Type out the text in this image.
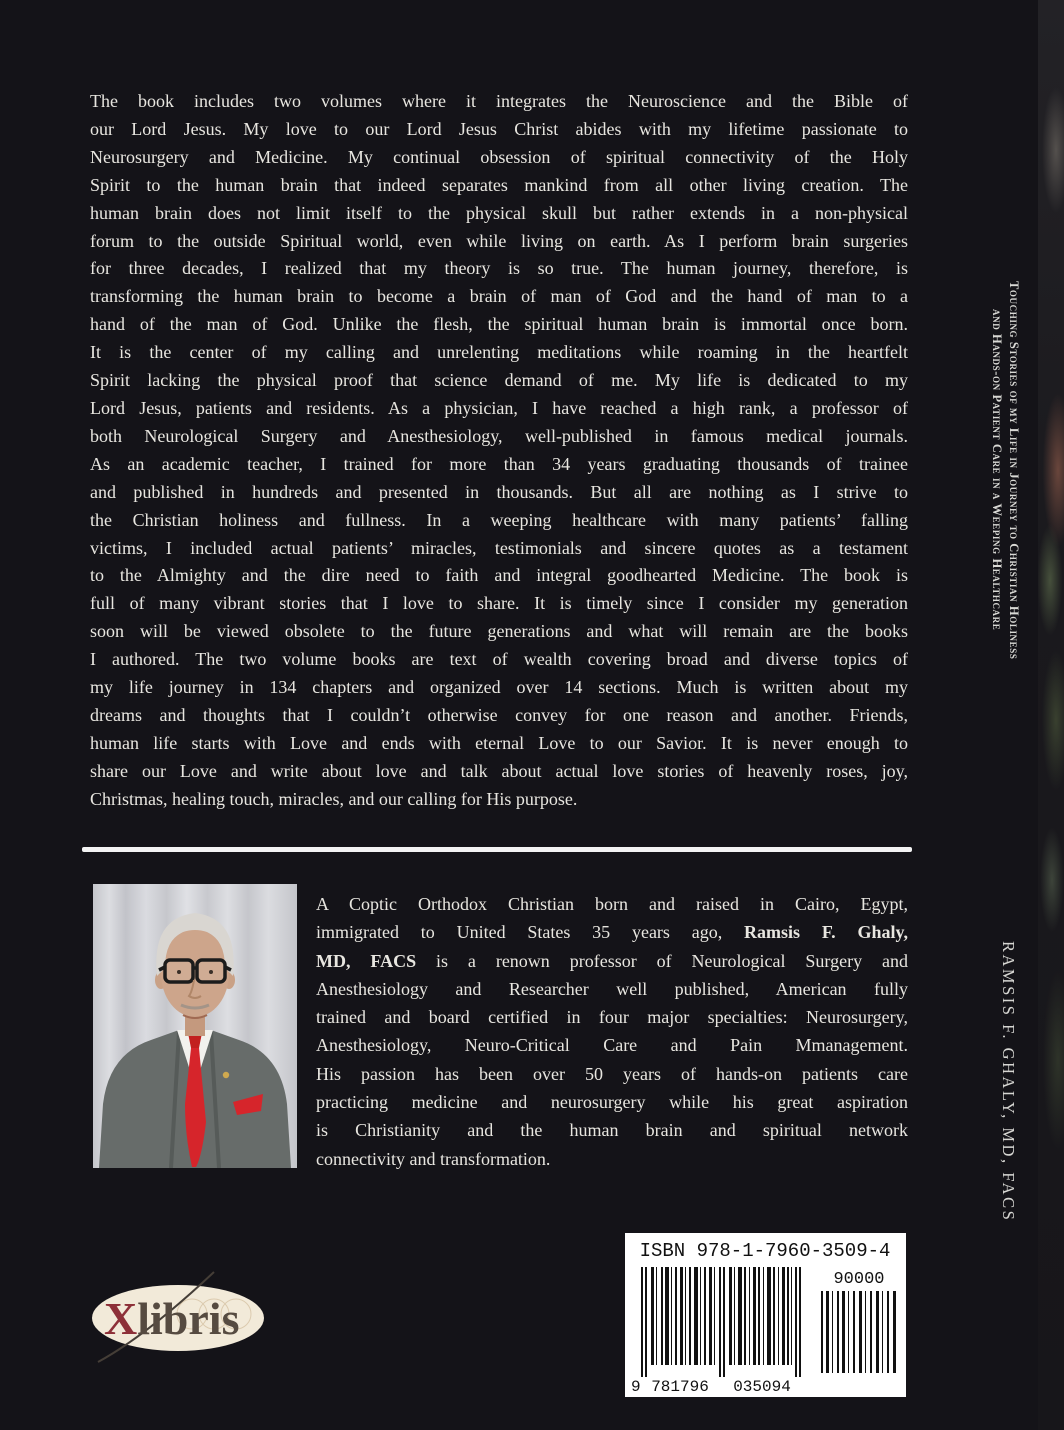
The book includes two volumes where it integrates the Neuroscience and the Bible of
our Lord Jesus. My love to our Lord Jesus Christ abides with my lifetime passionate to
Neurosurgery and Medicine. My continual obsession of spiritual connectivity of the Holy
Spirit to the human brain that indeed separates mankind from all other living creation. The
human brain does not limit itself to the physical skull but rather extends in a non-physical
forum to the outside Spiritual world, even while living on earth. As I perform brain surgeries
for three decades, I realized that my theory is so true. The human journey, therefore, is
transforming the human brain to become a brain of man of God and the hand of man to a
hand of the man of God. Unlike the flesh, the spiritual human brain is immortal once born.
It is the center of my calling and unrelenting meditations while roaming in the heartfelt
Spirit lacking the physical proof that science demand of me. My life is dedicated to my
Lord Jesus, patients and residents. As a physician, I have reached a high rank, a professor of
both Neurological Surgery and Anesthesiology, well-published in famous medical journals.
As an academic teacher, I trained for more than 34 years graduating thousands of trainee
and published in hundreds and presented in thousands. But all are nothing as I strive to
the Christian holiness and fullness. In a weeping healthcare with many patients’ falling
victims, I included actual patients’ miracles, testimonials and sincere quotes as a testament
to the Almighty and the dire need to faith and integral goodhearted Medicine. The book is
full of many vibrant stories that I love to share. It is timely since I consider my generation
soon will be viewed obsolete to the future generations and what will remain are the books
I authored. The two volume books are text of wealth covering broad and diverse topics of
my life journey in 134 chapters and organized over 14 sections. Much is written about my
dreams and thoughts that I couldn’t otherwise convey for one reason and another. Friends,
human life starts with Love and ends with eternal Love to our Savior. It is never enough to
share our Love and write about love and talk about actual love stories of heavenly roses, joy,
Christmas, healing touch, miracles, and our calling for His purpose.
A Coptic Orthodox Christian born and raised in Cairo, Egypt,
immigrated to United States 35 years ago, Ramsis F. Ghaly,
MD, FACS is a renown professor of Neurological Surgery and
Anesthesiology and Researcher well published, American fully
trained and board certified in four major specialties: Neurosurgery,
Anesthesiology, Neuro-Critical Care and Pain Mmanagement.
His passion has been over 50 years of hands-on patients care
practicing medicine and neurosurgery while his great aspiration
is Christianity and the human brain and spiritual network
connectivity and transformation.
Touching Stories of my Life in Journey to Christian Holiness
and Hands-on Patient Care in a Weeping Healthcare
RAMSIS F. GHALY, MD, FACS
Xlibris
ISBN 978-1-7960-3509-4
90000
9 781796 035094
